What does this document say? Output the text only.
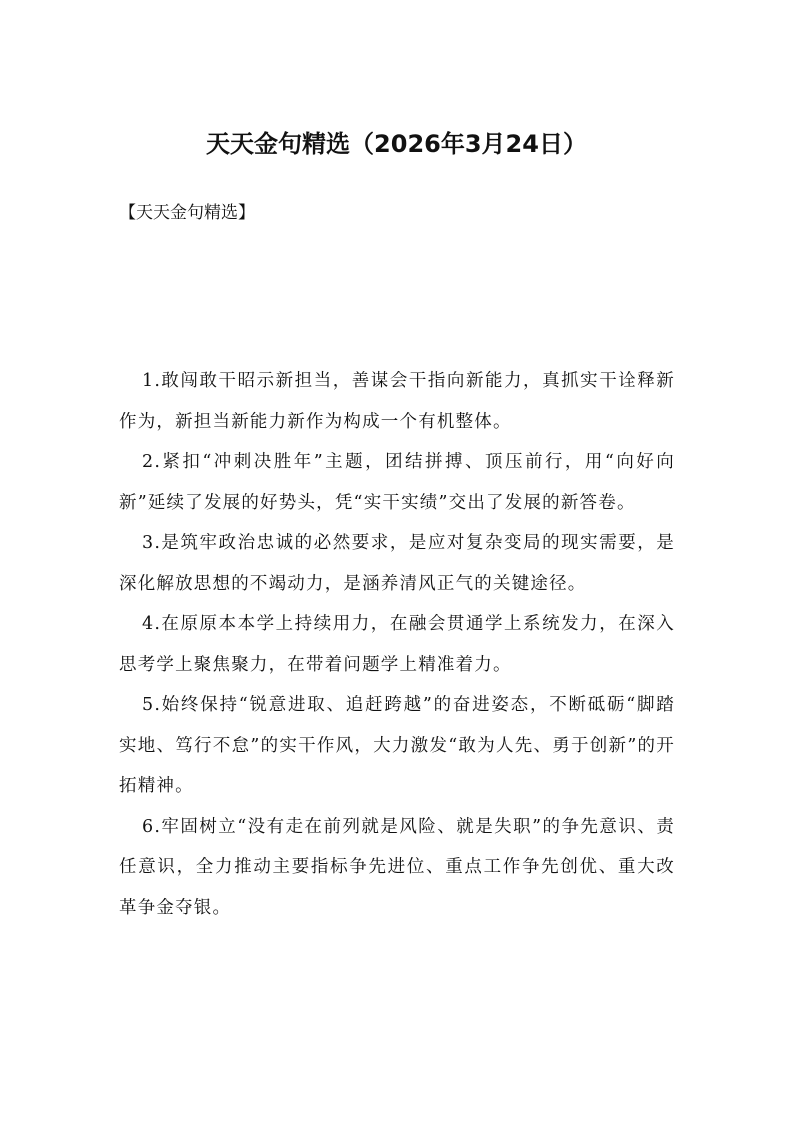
天天金句精选（2026年3月24日）

【天天金句精选】

1.敢闯敢干昭示新担当，善谋会干指向新能力，真抓实干诠释新作为，新担当新能力新作为构成一个有机整体。

2.紧扣“冲刺决胜年”主题，团结拼搏、顶压前行，用“向好向新”延续了发展的好势头，凭“实干实绩”交出了发展的新答卷。

3.是筑牢政治忠诚的必然要求，是应对复杂变局的现实需要，是深化解放思想的不竭动力，是涵养清风正气的关键途径。

4.在原原本本学上持续用力，在融会贯通学上系统发力，在深入思考学上聚焦聚力，在带着问题学上精准着力。

5.始终保持“锐意进取、追赶跨越”的奋进姿态，不断砥砺“脚踏实地、笃行不怠”的实干作风，大力激发“敢为人先、勇于创新”的开拓精神。

6.牢固树立“没有走在前列就是风险、就是失职”的争先意识、责任意识，全力推动主要指标争先进位、重点工作争先创优、重大改革争金夺银。
